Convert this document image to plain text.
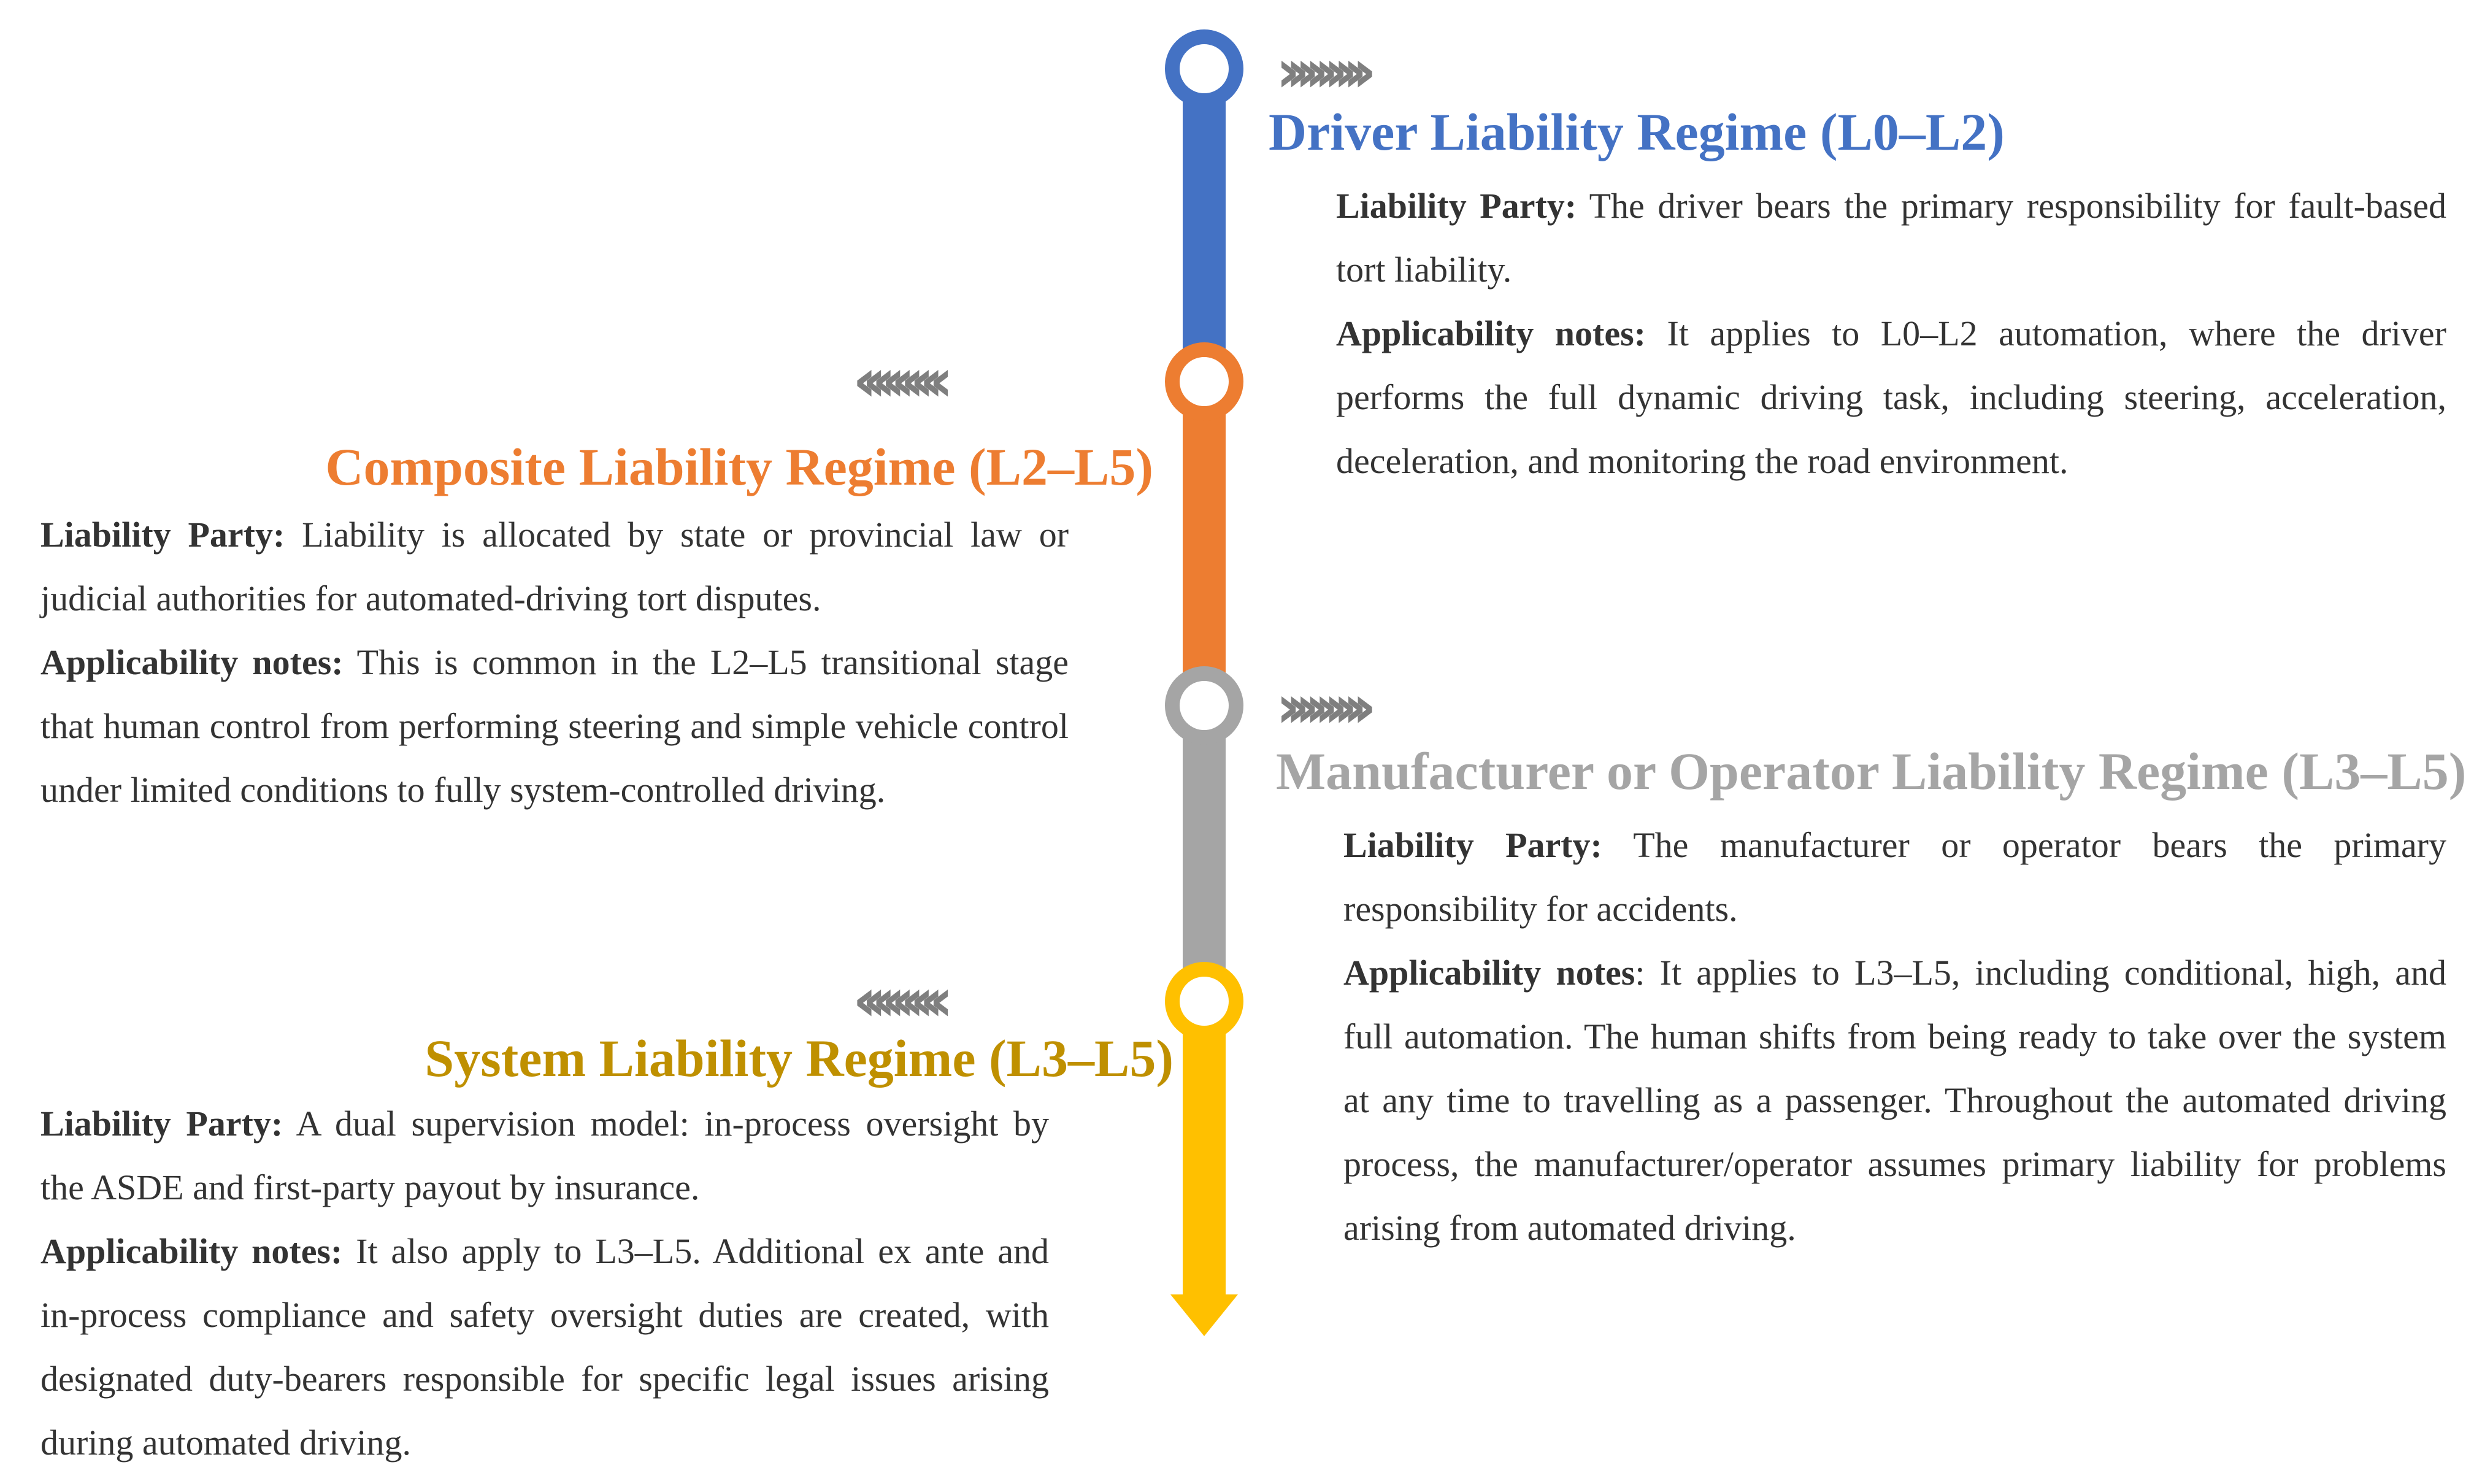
›››››››››
‹‹‹‹‹‹‹‹‹
›››››››››
‹‹‹‹‹‹‹‹‹
Driver Liability Regime (L0–L2)

Liability Party: The driver bears the primary responsibility for fault-based tort liability.

Applicability notes: It applies to L0–L2 automation, where the driver performs the full dynamic driving task, including steering, acceleration, deceleration, and monitoring the road environment.

Composite Liability Regime (L2–L5)

Liability Party: Liability is allocated by state or provincial law or judicial authorities for automated-driving tort disputes.

Applicability notes: This is common in the L2–L5 transitional stage that human control from performing steering and simple vehicle control under limited conditions to fully system-controlled driving.	Manufacturer or Operator Liability Regime (L3–L5)

Liability Party: The manufacturer or operator bears the primary responsibility for accidents.

Applicability notes: It applies to L3–L5, including conditional, high, and full automation. The human shifts from being ready to take over the system at any time to travelling as a passenger. Throughout the automated driving process, the manufacturer/operator assumes primary liability for problems arising from automated driving.

System Liability Regime (L3–L5)

Liability Party: A dual supervision model: in-process oversight by the ASDE and first-party payout by insurance.

Applicability notes: It also apply to L3–L5. Additional ex ante and in-process compliance and safety oversight duties are created, with designated duty-bearers responsible for specific legal issues arising during automated driving.
